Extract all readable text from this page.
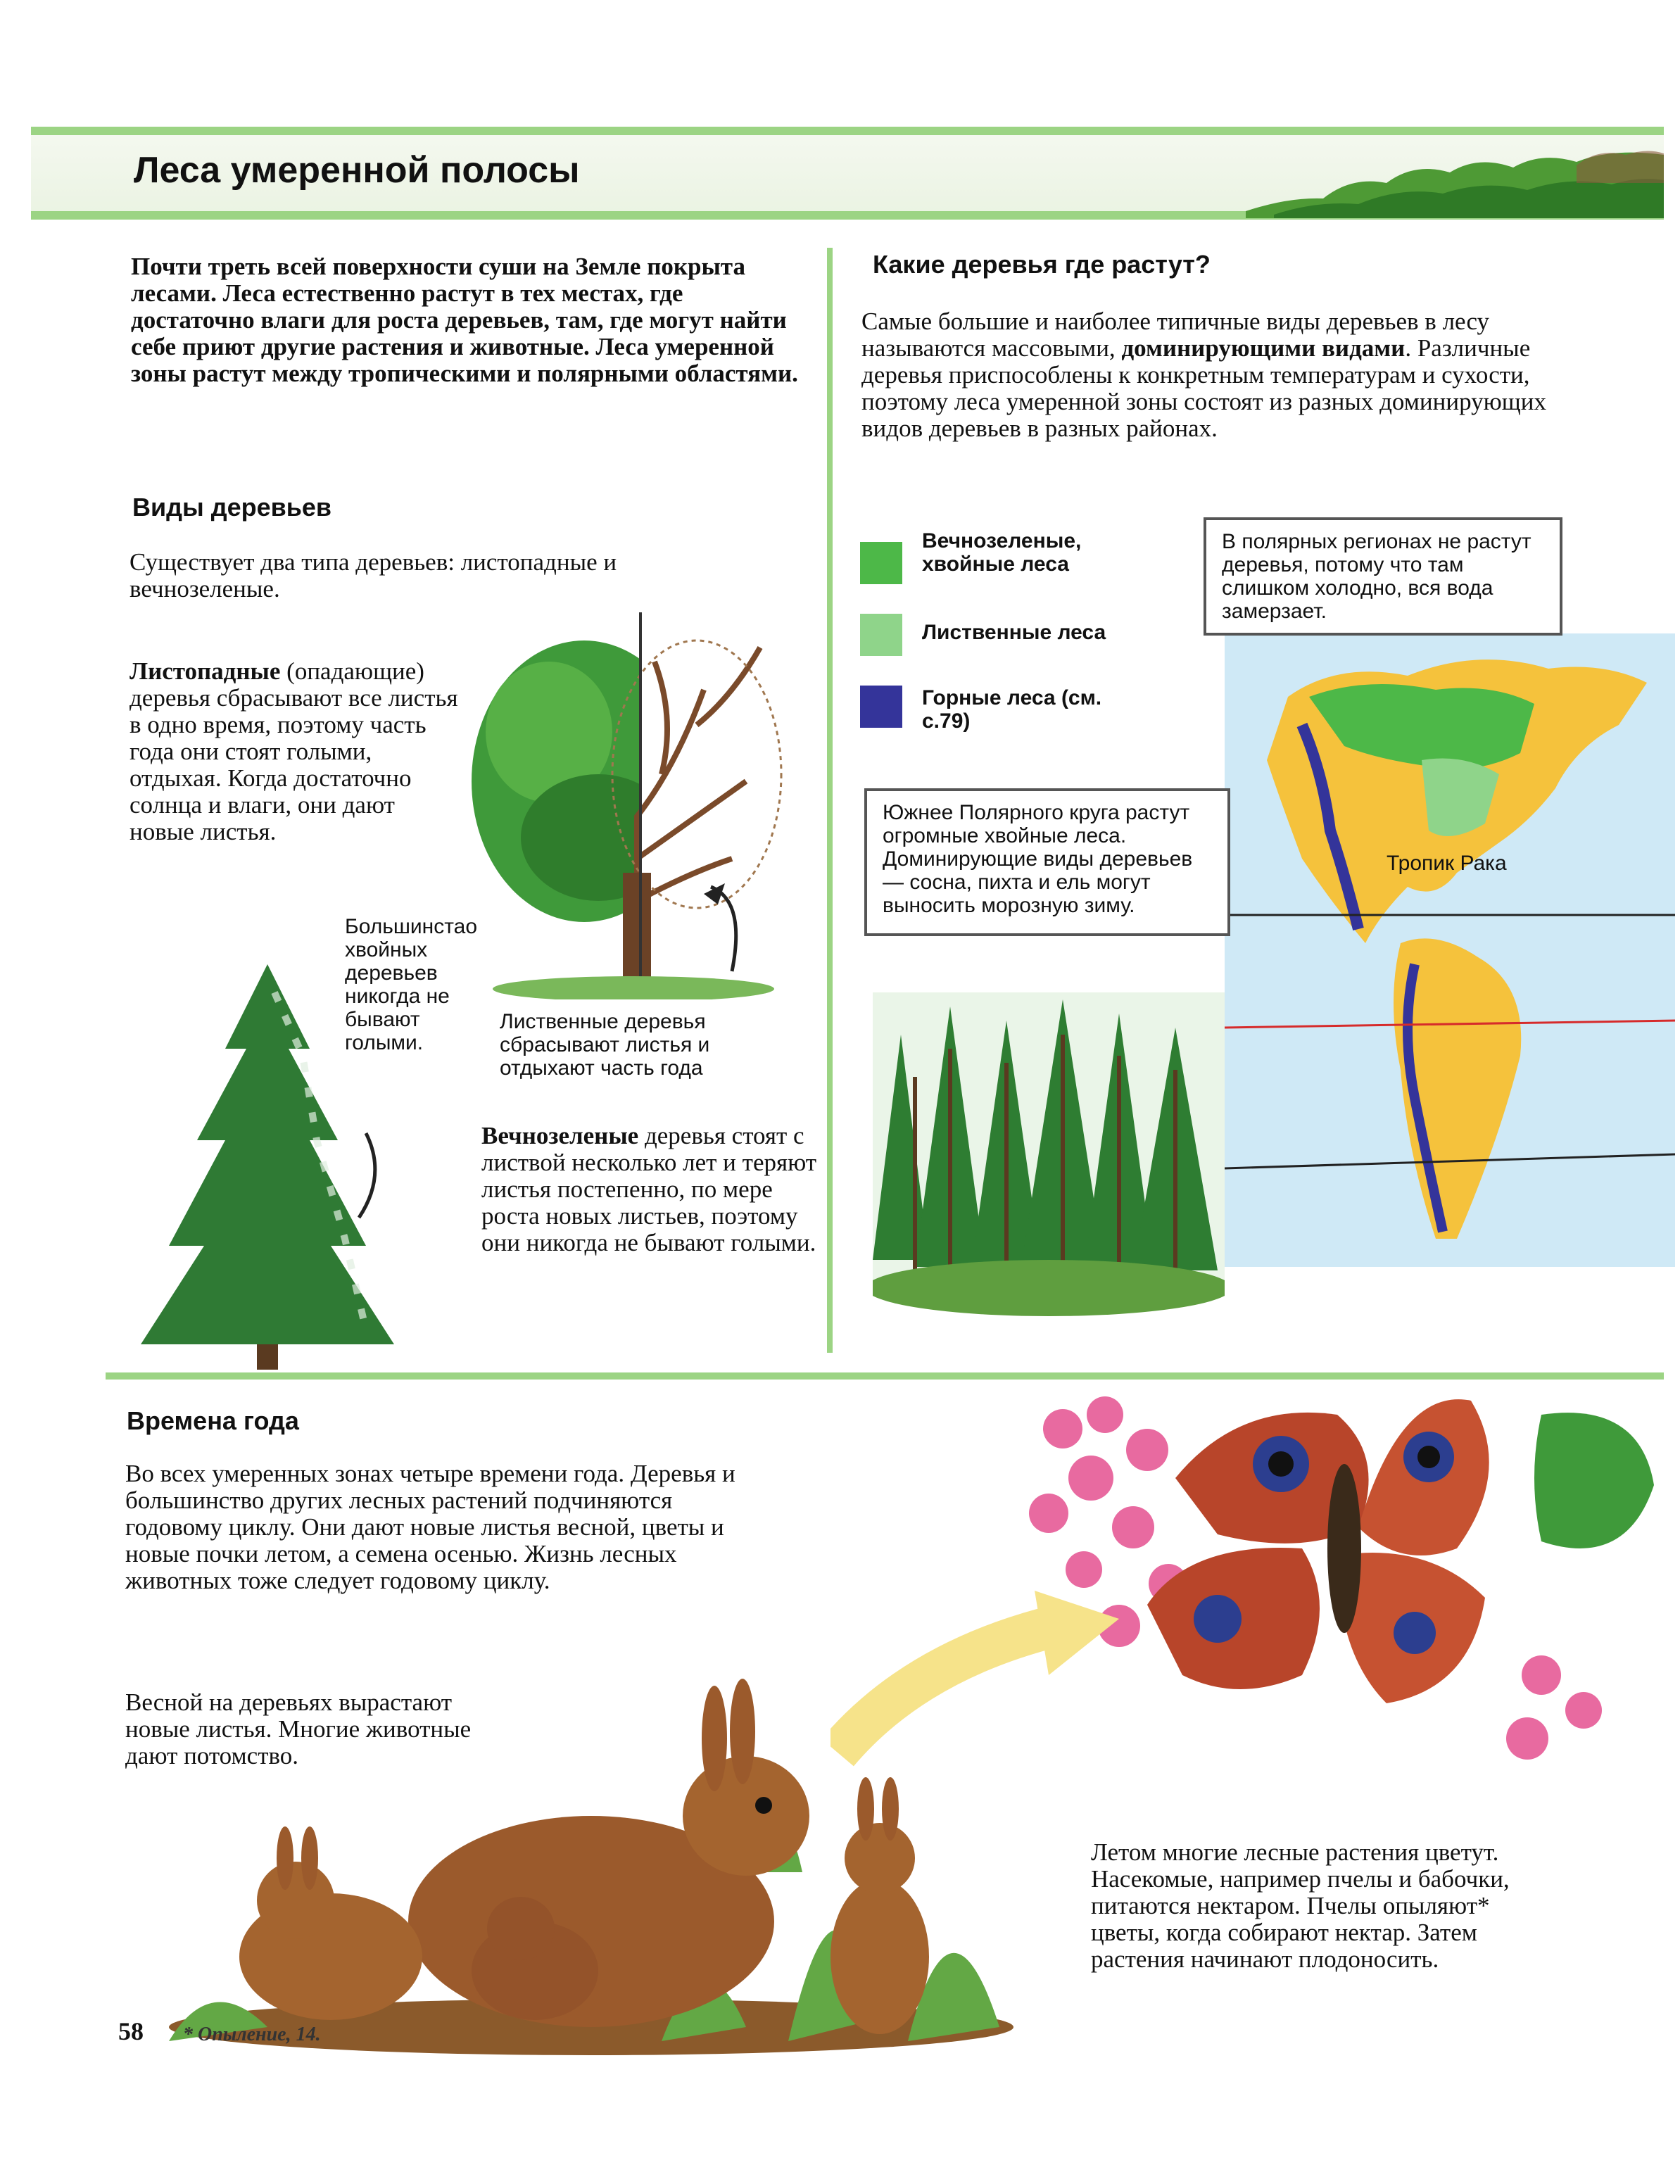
Леса умеренной полосы
Почти треть всей поверхности суши на Земле покрыта лесами. Леса естественно растут в тех местах, где достаточно влаги для роста деревьев, там, где могут найти себе приют другие растения и животные. Леса умеренной зоны растут между тропическими и полярными областями.
Виды деревьев
Существует два типа деревьев: листопадные и вечнозеленые.
Листопадные (опадающие) деревья сбрасывают все листья в одно время, поэтому часть года они стоят голыми, отдыхая. Когда достаточно солнца и влаги, они дают новые листья.
Большинстао хвойных деревьев никогда не бывают голыми.
Лиственные деревья сбрасывают листья и отдыхают часть года
Вечнозеленые деревья стоят с листвой несколько лет и теряют листья постепенно, по мере роста новых листьев, поэтому они никогда не бывают голыми.
Какие деревья где растут?
Самые большие и наиболее типичные виды деревьев в лесу называются массовыми, доминирующими видами. Различные деревья приспособлены к конкретным температурам и сухости, поэтому леса умеренной зоны состоят из разных доминирующих видов деревьев в разных районах.
Вечнозеленые, хвойные леса
Лиственные леса
Горные леса (см. с.79)
Тропик Рака
В полярных регионах не растут деревья, потому что там слишком холодно, вся вода замерзает.
Южнее Полярного круга растут огромные хвойные леса. Доминирующие виды деревьев — сосна, пихта и ель могут выносить морозную зиму.
Времена года
Во всех умеренных зонах четыре времени года. Деревья и большинство других лесных растений подчиняются годовому циклу. Они дают новые листья весной, цветы и новые почки летом, а семена осенью. Жизнь лесных животных тоже следует годовому циклу.
Весной на деревьях вырастают новые листья. Многие животные дают потомство.
Летом многие лесные растения цветут. Насекомые, например пчелы и бабочки, питаются нектаром. Пчелы опыляют* цветы, когда собирают нектар. Затем растения начинают плодоносить.
58 * Опыление, 14.
